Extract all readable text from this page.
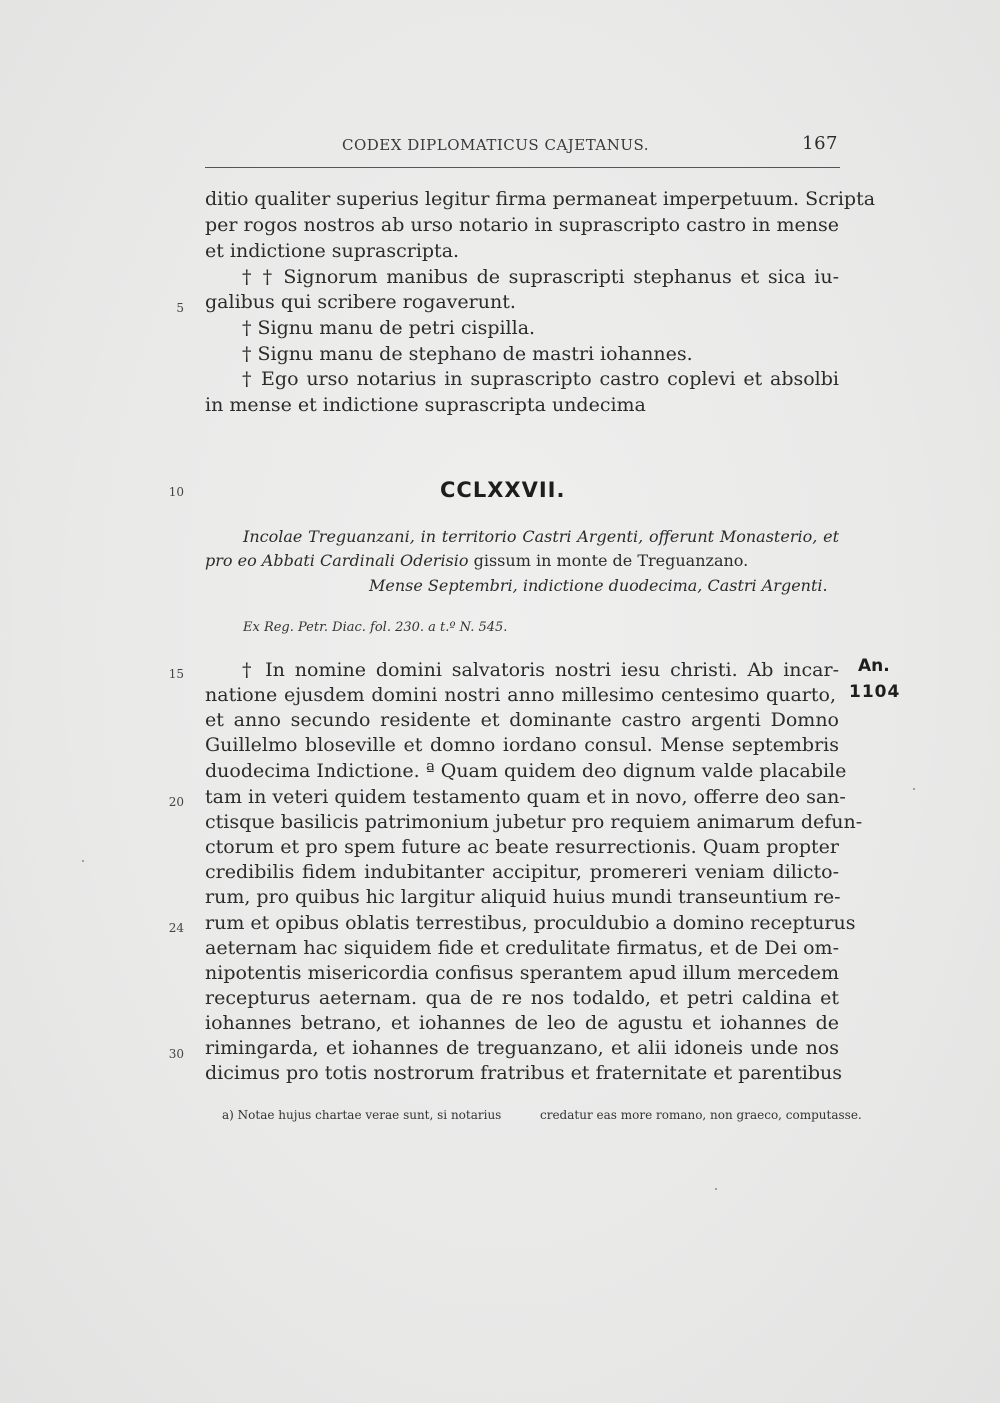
CODEX DIPLOMATICUS CAJETANUS.	167
ditio qualiter superius legitur firma permaneat imperpetuum. Scripta
per rogos nostros ab urso notario in suprascripto castro in mense
et indictione suprascripta.
† † Signorum manibus de suprascripti stephanus et sica iu-
galibus qui scribere rogaverunt.
† Signu manu de petri cispilla.
† Signu manu de stephano de mastri iohannes.
† Ego urso notarius in suprascripto castro coplevi et absolbi
in mense et indictione suprascripta undecima
CCLXXVII.
Incolae Treguanzani, in territorio Castri Argenti, offerunt Monasterio, et
pro eo Abbati Cardinali Oderisio gissum in monte de Treguanzano.
Mense Septembri, indictione duodecima, Castri Argenti.
Ex Reg. Petr. Diac. fol. 230. a t.º N. 545.
An.
1104
† In nomine domini salvatoris nostri iesu christi. Ab incar-
natione ejusdem domini nostri anno millesimo centesimo quarto,
et anno secundo residente et dominante castro argenti Domno
Guillelmo bloseville et domno iordano consul. Mense septembris
duodecima Indictione. ª Quam quidem deo dignum valde placabile
tam in veteri quidem testamento quam et in novo, offerre deo san-
ctisque basilicis patrimonium jubetur pro requiem animarum defun-
ctorum et pro spem future ac beate resurrectionis. Quam propter
credibilis fidem indubitanter accipitur, promereri veniam dilicto-
rum, pro quibus hic largitur aliquid huius mundi transeuntium re-
rum et opibus oblatis terrestibus, proculdubio a domino recepturus
aeternam hac siquidem fide et credulitate firmatus, et de Dei om-
nipotentis misericordia confisus sperantem apud illum mercedem
recepturus aeternam. qua de re nos todaldo, et petri caldina et
iohannes betrano, et iohannes de leo de agustu et iohannes de
rimingarda, et iohannes de treguanzano, et alii idoneis unde nos
dicimus pro totis nostrorum fratribus et fraternitate et parentibus
5
10
15
20
24
30
a) Notae hujus chartae verae sunt, si notarius	credatur eas more romano, non graeco, computasse.
